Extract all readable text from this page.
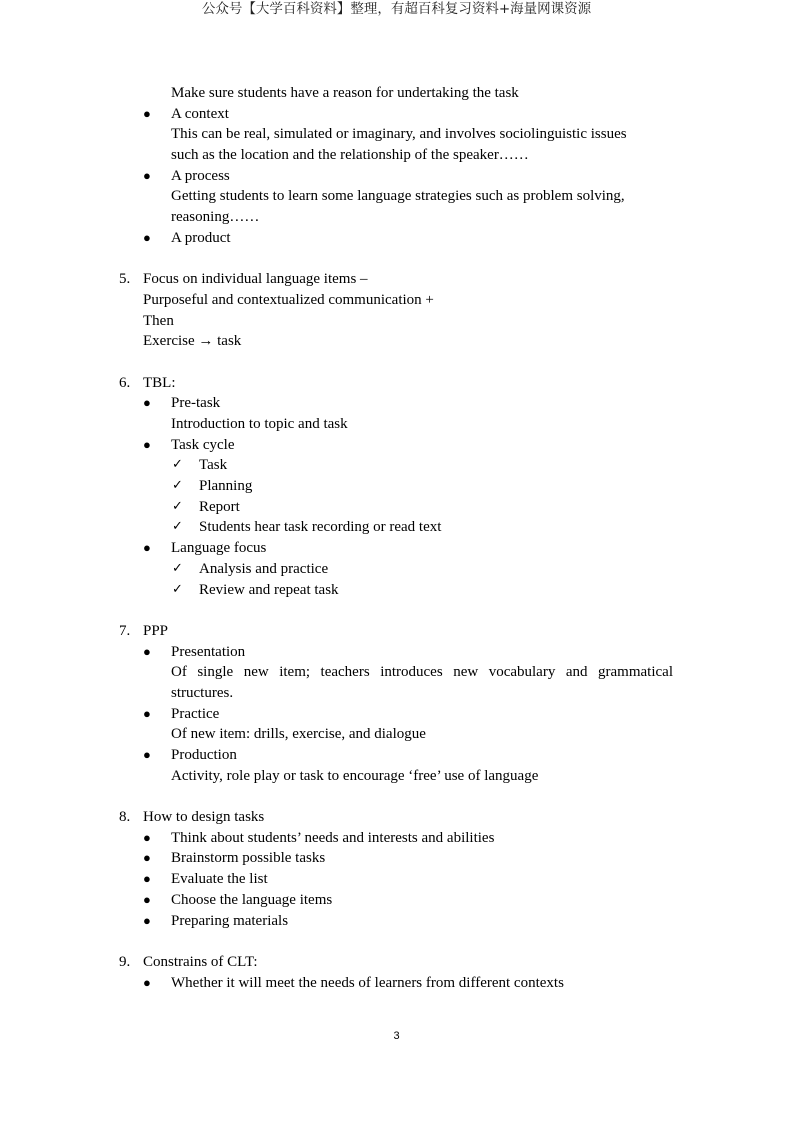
公众号【大学百科资料】整理，有超百科复习资料+海量网课资源
Make sure students have a reason for undertaking the task
● A context
This can be real, simulated or imaginary, and involves sociolinguistic issues
such as the location and the relationship of the speaker……
● A process
Getting students to learn some language strategies such as problem solving,
reasoning……
● A product
5. Focus on individual language items –
Purposeful and contextualized communication +
Then
Exercise → task
6. TBL:
● Pre-task
Introduction to topic and task
● Task cycle
✓ Task
✓ Planning
✓ Report
✓ Students hear task recording or read text
● Language focus
✓ Analysis and practice
✓ Review and repeat task
7. PPP
● Presentation
Of single new item; teachers introduces new vocabulary and grammatical
structures.
● Practice
Of new item: drills, exercise, and dialogue
● Production
Activity, role play or task to encourage ‘free’ use of language
8. How to design tasks
● Think about students’ needs and interests and abilities
● Brainstorm possible tasks
● Evaluate the list
● Choose the language items
● Preparing materials
9. Constrains of CLT:
● Whether it will meet the needs of learners from different contexts
3
